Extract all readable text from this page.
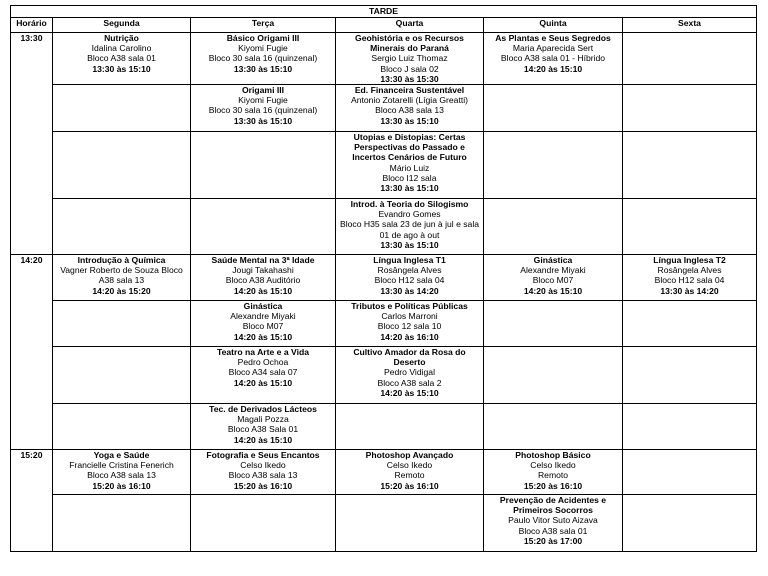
TARDE					
Horário	Segunda	Terça	Quarta	Quinta	Sexta

13:30	Nutrição
Idalina Carolino
Bloco A38 sala 01
13:30 às 15:10	Básico Origami III
Kiyomi Fugie
Bloco 30 sala 16 (quinzenal)
13:30 às 15:10	Geohistória e os Recursos Minerais do Paraná
Sergio Luiz Thomaz
Bloco J sala 02
13:30 às 15:30	As Plantas e Seus Segredos
Maria Aparecida Sert
Bloco A38 sala 01 - Híbrido
14:20 às 15:10	

		Origami III
Kiyomi Fugie
Bloco 30 sala 16 (quinzenal)
13:30 às 15:10	Ed. Financeira Sustentável
Antonio Zotarelli (Lígia Greatti)
Bloco A38 sala 13
13:30 às 15:10		

			Utopias e Distopias: Certas Perspectivas do Passado e Incertos Cenários de Futuro
Mário Luiz
Bloco I12 sala
13:30 às 15:10		

			Introd. à Teoria do Silogismo
Evandro Gomes
Bloco H35 sala 23 de jun à jul e sala 01 de ago à out
13:30 às 15:10		

14:20	Introdução à Química
Vagner Roberto de Souza Bloco A38 sala 13
14:20 às 15:20	Saúde Mental na 3ª Idade
Jougi Takahashi
Bloco A38 Auditório
14:20 às 15:10	Língua Inglesa T1
Rosângela Alves
Bloco H12 sala 04
13:30 às 14:20	Ginástica
Alexandre Miyaki
Bloco M07
14:20 às 15:10	Língua Inglesa T2
Rosângela Alves
Bloco H12 sala 04
13:30 às 14:20

		Ginástica
Alexandre Miyaki
Bloco M07
14:20 às 15:10	Tributos e Políticas Públicas
Carlos Marroni
Bloco 12 sala 10
14:20 às 16:10		

		Teatro na Arte e a Vida
Pedro Ochoa
Bloco A34 sala 07
14:20 às 15:10	Cultivo Amador da Rosa do Deserto
Pedro Vidigal
Bloco A38 sala 2
14:20 às 15:10		

		Tec. de Derivados Lácteos
Magali Pozza
Bloco A38 Sala 01
14:20 às 15:10			

15:20	Yoga e Saúde
Francielle Cristina Fenerich
Bloco A38 sala 13
15:20 às 16:10	Fotografia e Seus Encantos
Celso Ikedo
Bloco A38 sala 13
15:20 às 16:10	Photoshop Avançado
Celso Ikedo
Remoto
15:20 às 16:10	Photoshop Básico
Celso Ikedo
Remoto
15:20 às 16:10	

				Prevenção de Acidentes e Primeiros Socorros
Paulo Vitor Suto Aizava
Bloco A38 sala 01
15:20 às 17:00	
